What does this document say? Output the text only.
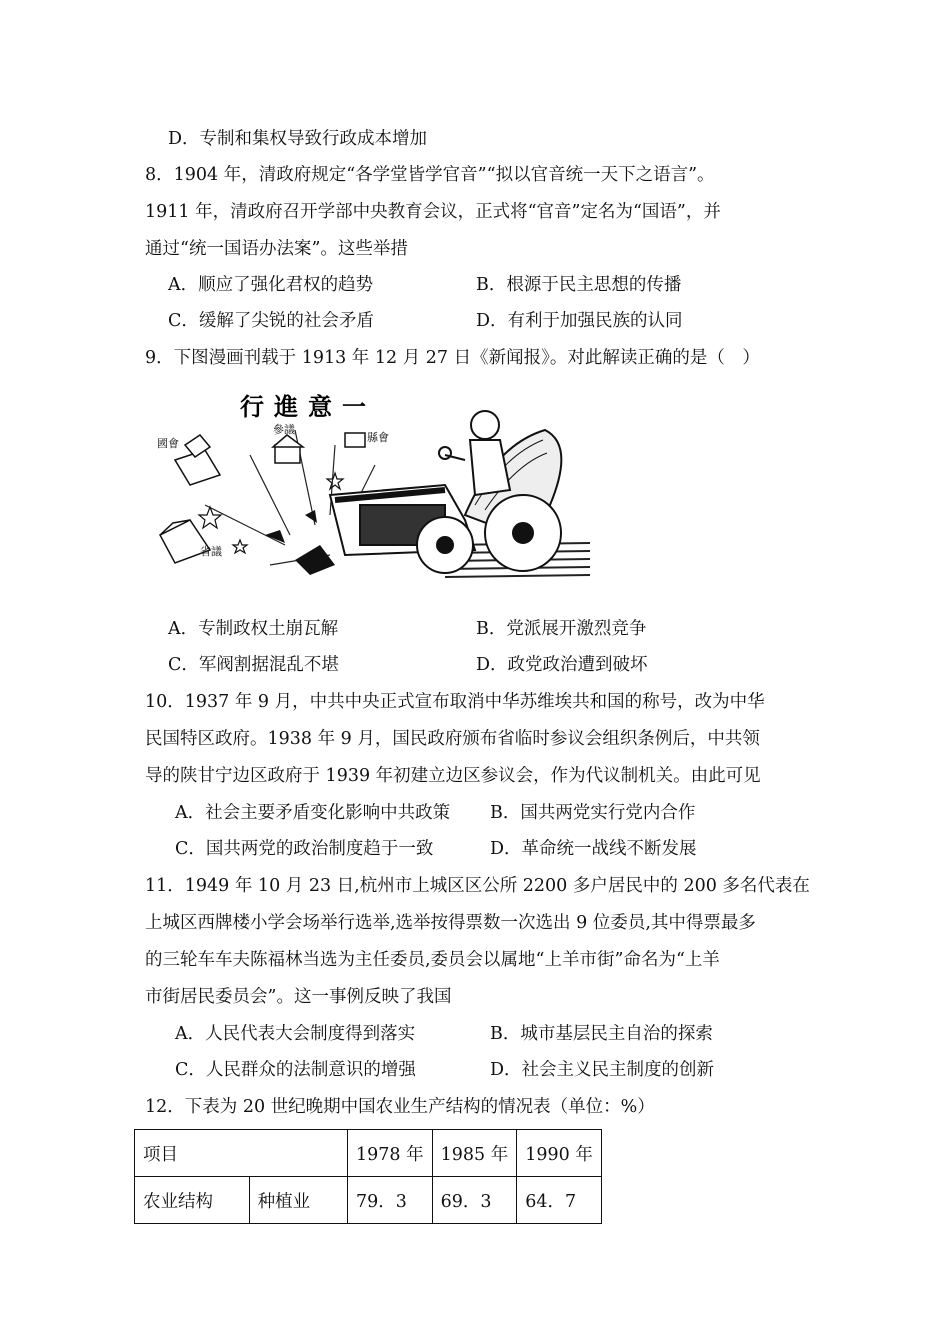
D．专制和集权导致行政成本增加
8．1904 年，清政府规定“各学堂皆学官音”“拟以官音统一天下之语言”。
1911 年，清政府召开学部中央教育会议，正式将“官音”定名为“国语”，并
通过“统一国语办法案”。这些举措
A．顺应了强化君权的趋势	B．根源于民主思想的传播
C．缓解了尖锐的社会矛盾	D．有利于加强民族的认同
9．下图漫画刊载于 1913 年 12 月 27 日《新闻报》。对此解读正确的是（　）
行進意一
國會
參議
縣會
省議
A．专制政权土崩瓦解	B．党派展开激烈竞争
C．军阀割据混乱不堪	D．政党政治遭到破坏
10．1937 年 9 月，中共中央正式宣布取消中华苏维埃共和国的称号，改为中华
民国特区政府。1938 年 9 月，国民政府颁布省临时参议会组织条例后，中共领
导的陕甘宁边区政府于 1939 年初建立边区参议会，作为代议制机关。由此可见
A．社会主要矛盾变化影响中共政策 B．国共两党实行党内合作
C．国共两党的政治制度趋于一致	D．革命统一战线不断发展
11．1949 年 10 月 23 日,杭州市上城区区公所 2200 多户居民中的 200 多名代表在
上城区西牌楼小学会场举行选举,选举按得票数一次选出 9 位委员,其中得票最多
的三轮车车夫陈福林当选为主任委员,委员会以属地“上羊市街”命名为“上羊
市街居民委员会”。这一事例反映了我国
A．人民代表大会制度得到落实	B．城市基层民主自治的探索
C．人民群众的法制意识的增强	D．社会主义民主制度的创新
12．下表为 20 世纪晚期中国农业生产结构的情况表（单位：%）
项目		1978 年	1985 年	1990 年
农业结构	种植业	79．3	69．3	64．7
